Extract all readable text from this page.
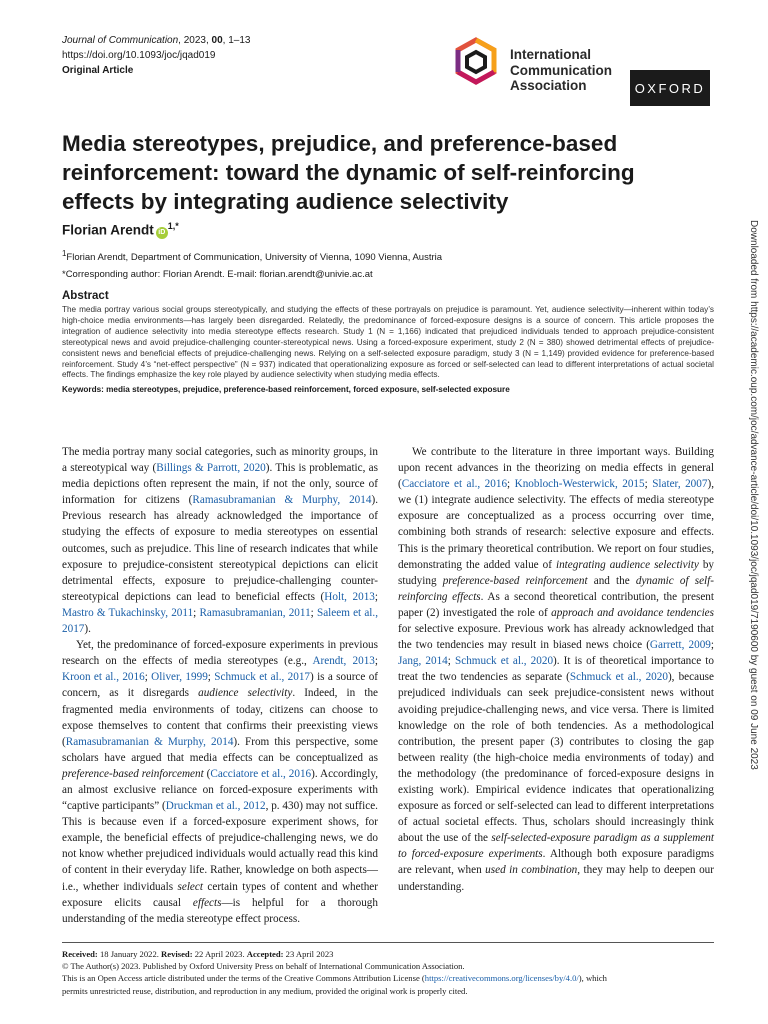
Journal of Communication, 2023, 00, 1–13
https://doi.org/10.1093/joc/jqad019
Original Article
International
Communication
Association	OXFORD
Media stereotypes, prejudice, and preference-based reinforcement: toward the dynamic of self-reinforcing effects by integrating audience selectivity
Florian Arendt $iD^{1,*}$

$^1$Florian Arendt, Department of Communication, University of Vienna, 1090 Vienna, Austria

*Corresponding author: Florian Arendt. E-mail: florian.arendt@univie.ac.at

Abstract

The media portray various social groups stereotypically, and studying the effects of these portrayals on prejudice is paramount. Yet, audience selectivity—inherent within today’s high-choice media environments—has largely been disregarded. Relatedly, the predominance of forced-exposure designs is a source of concern. This article proposes the integration of audience selectivity into media stereotype effects research. Study 1 (N = 1,166) indicated that prejudiced individuals tended to approach prejudice-consistent stereotypical news and avoid prejudice-challenging counter-stereotypical news. Using a forced-exposure experiment, study 2 (N = 380) showed detrimental effects of prejudice-consistent news and beneficial effects of prejudice-challenging news. Relying on a self-selected exposure paradigm, study 3 (N = 1,149) provided evidence for preference-based reinforcement. Study 4’s “net-effect perspective” (N = 937) indicated that operationalizing exposure as forced or self-selected can lead to different interpretations of actual societal effects. The findings emphasize the key role played by audience selectivity when studying media effects.

Keywords: media stereotypes, prejudice, preference-based reinforcement, forced exposure, self-selected exposure

The media portray many social categories, such as minority groups, in a stereotypical way (Billings & Parrott, 2020). This is problematic, as media depictions often represent the main, if not the only, source of information for citizens (Ramasubramanian & Murphy, 2014). Previous research has already acknowledged the importance of studying the effects of exposure to media stereotypes on essential outcomes, such as prejudice. This line of research indicates that while exposure to prejudice-consistent stereotypical depictions can elicit detrimental effects, exposure to prejudice-challenging counter-stereotypical depictions can lead to beneficial effects (Holt, 2013; Mastro & Tukachinsky, 2011; Ramasubramanian, 2011; Saleem et al., 2017).

Yet, the predominance of forced-exposure experiments in previous research on the effects of media stereotypes (e.g., Arendt, 2013; Kroon et al., 2016; Oliver, 1999; Schmuck et al., 2017) is a source of concern, as it disregards audience selectivity. Indeed, in the fragmented media environments of today, citizens can choose to expose themselves to content that confirms their preexisting views (Ramasubramanian & Murphy, 2014). From this perspective, some scholars have argued that media effects can be conceptualized as preference-based reinforcement (Cacciatore et al., 2016). Accordingly, an almost exclusive reliance on forced-exposure experiments with “captive participants” (Druckman et al., 2012, p. 430) may not suffice. This is because even if a forced-exposure experiment shows, for example, the beneficial effects of prejudice-challenging news, we do not know whether prejudiced individuals would actually read this kind of content in their everyday life. Rather, knowledge on both aspects—i.e., whether individuals select certain types of content and whether exposure elicits causal effects—is helpful for a thorough understanding of the media stereotype effect process.

We contribute to the literature in three important ways. Building upon recent advances in the theorizing on media effects in general (Cacciatore et al., 2016; Knobloch-Westerwick, 2015; Slater, 2007), we (1) integrate audience selectivity. The effects of media stereotype exposure are conceptualized as a process occurring over time, combining both strands of research: selective exposure and effects. This is the primary theoretical contribution. We report on four studies, demonstrating the added value of integrating audience selectivity by studying preference-based reinforcement and the dynamic of self-reinforcing effects. As a second theoretical contribution, the present paper (2) investigated the role of approach and avoidance tendencies for selective exposure. Previous work has already acknowledged that the two tendencies may result in biased news choice (Garrett, 2009; Jang, 2014; Schmuck et al., 2020). It is of theoretical importance to treat the two tendencies as separate (Schmuck et al., 2020), because prejudiced individuals can seek prejudice-consistent news without avoiding prejudice-challenging news, and vice versa. There is limited knowledge on the role of both tendencies. As a methodological contribution, the present paper (3) contributes to closing the gap between reality (the high-choice media environments of today) and the methodology (the predominance of forced-exposure designs in existing work). Empirical evidence indicates that operationalizing exposure as forced or self-selected can lead to different interpretations of actual societal effects. Thus, scholars should increasingly think about the use of the self-selected-exposure paradigm as a supplement to forced-exposure experiments. Although both exposure paradigms are relevant, when used in combination, they may help to deepen our understanding.

Downloaded from https://academic.oup.com/joc/advance-article/doi/10.1093/joc/jqad019/7190600 by guest on 09 June 2023

Received: 18 January 2022. Revised: 22 April 2023. Accepted: 23 April 2023

© The Author(s) 2023. Published by Oxford University Press on behalf of International Communication Association.

This is an Open Access article distributed under the terms of the Creative Commons Attribution License (https://creativecommons.org/licenses/by/4.0/), which

permits unrestricted reuse, distribution, and reproduction in any medium, provided the original work is properly cited.
